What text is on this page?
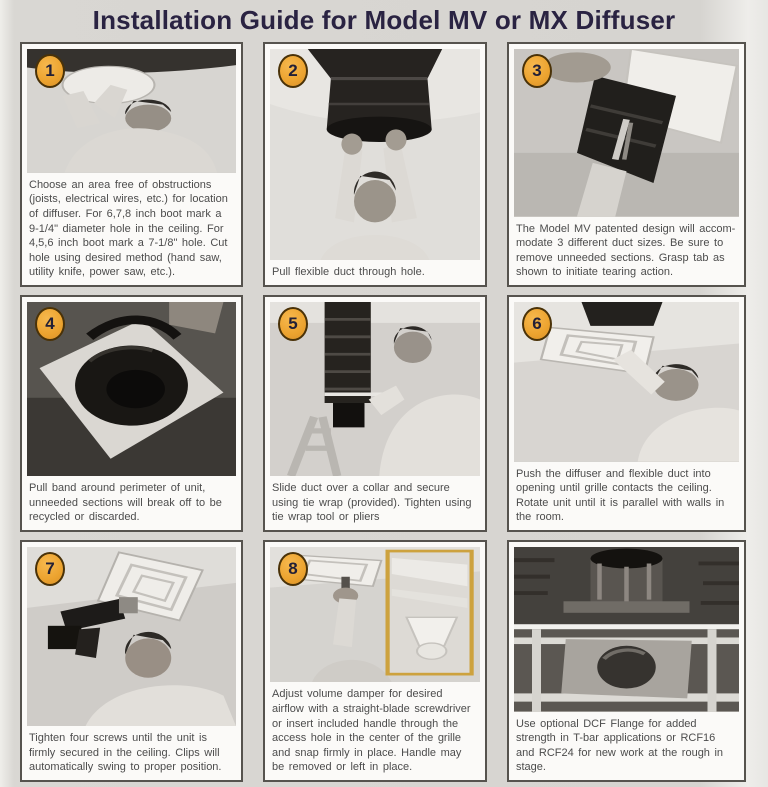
Installation Guide for Model MV or MX Diffuser
1

Choose an area free of obstructions (joists, electrical wires, etc.) for location of diffuser. For 6,7,8 inch boot mark a 9-1/4" diameter hole in the ceiling. For 4,5,6 inch boot mark a 7-1/8" hole. Cut hole using desired method (hand saw, utility knife, power saw, etc.).

2

Pull flexible duct through hole.

3

The Model MV patented design will accommodate 3 different duct sizes. Be sure to remove unneeded sections. Grasp tab as shown to initiate tearing action.

4

Pull band around perimeter of unit, unneeded sections will break off to be recycled or discarded.

5

Slide duct over a collar and secure using tie wrap (provided). Tighten using tie wrap tool or pliers

6

Push the diffuser and flexible duct into opening until grille contacts the ceiling. Rotate unit until it is parallel with walls in the room.

7

Tighten four screws until the unit is firmly secured in the ceiling. Clips will automatically swing to proper position.

8

Adjust volume damper for desired airflow with a straight-blade screwdriver or insert included handle through the access hole in the center of the grille and snap firmly in place. Handle may be removed or left in place.

Use optional DCF Flange for added strength in T-bar applications or RCF16 and RCF24 for new work at the rough in stage.
